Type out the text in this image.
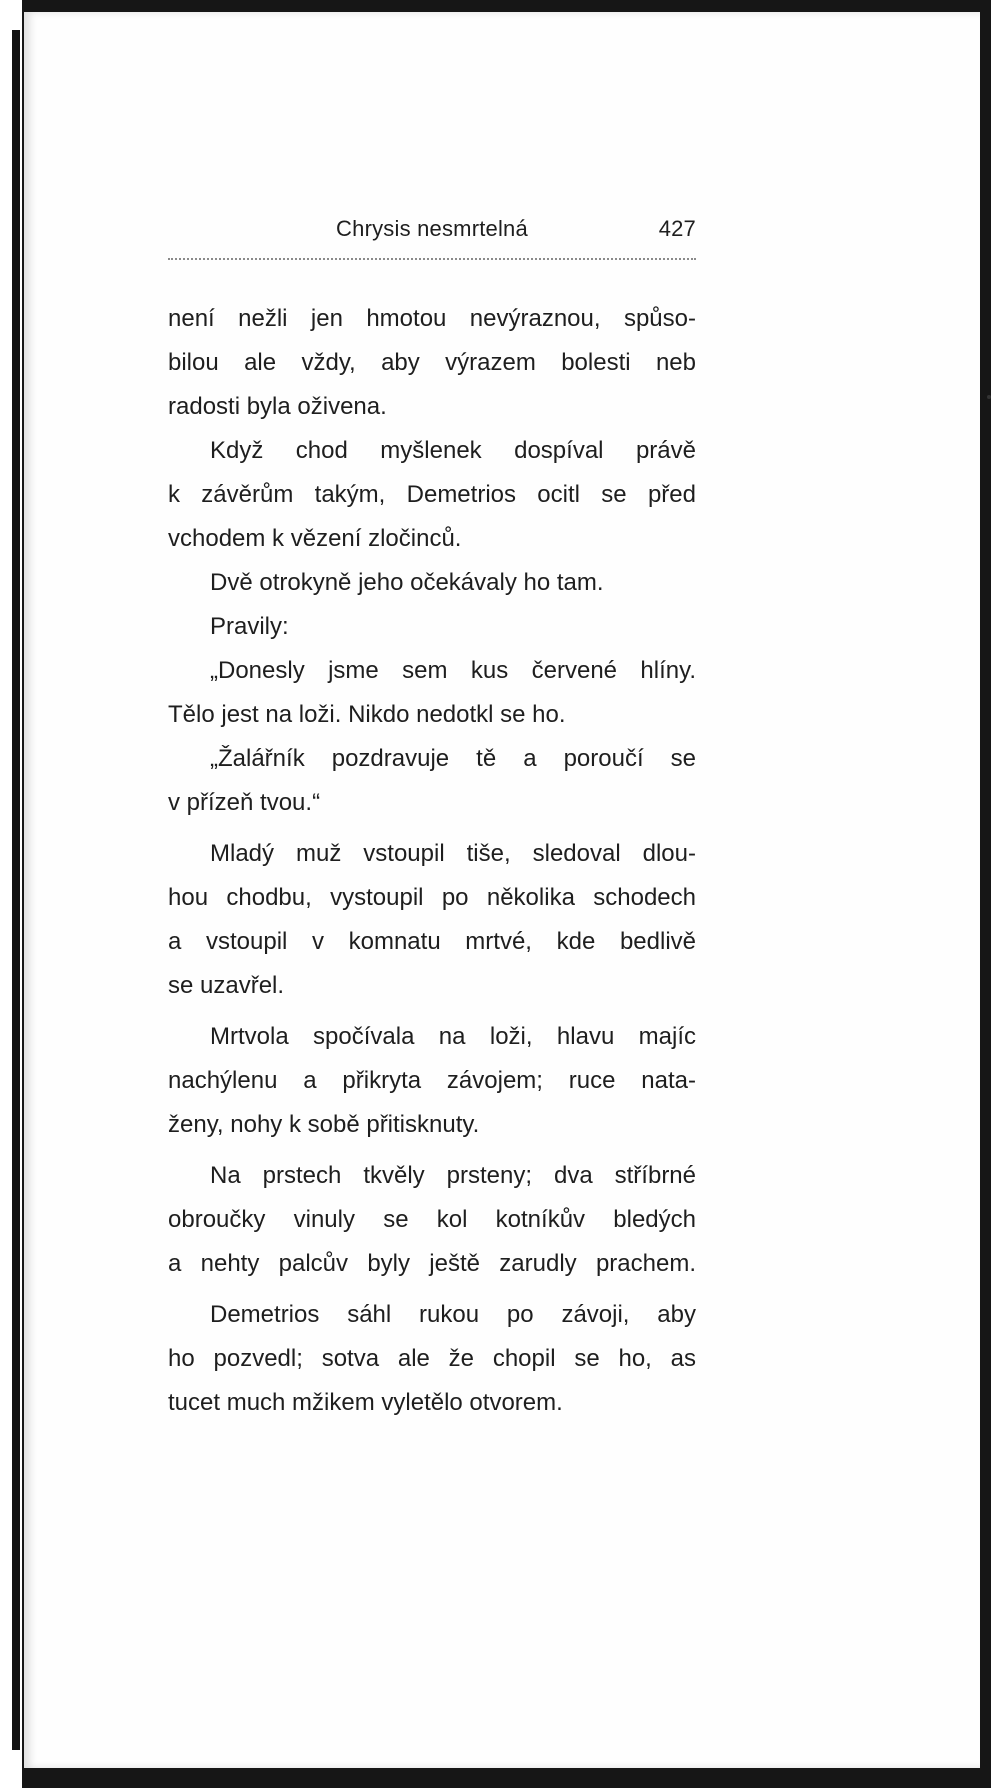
Chrysis nesmrtelná	427
není nežli jen hmotou nevýraznou, spůso-
bilou ale vždy, aby výrazem bolesti neb
radosti byla oživena.
Když chod myšlenek dospíval právě
k závěrům takým, Demetrios ocitl se před
vchodem k vězení zločinců.
Dvě otrokyně jeho očekávaly ho tam.
Pravily:
„Donesly jsme sem kus červené hlíny.
Tělo jest na loži. Nikdo nedotkl se ho.
„Žalářník pozdravuje tě a poroučí se
v přízeň tvou.“
Mladý muž vstoupil tiše, sledoval dlou-
hou chodbu, vystoupil po několika schodech
a vstoupil v komnatu mrtvé, kde bedlivě
se uzavřel.
Mrtvola spočívala na loži, hlavu majíc
nachýlenu a přikryta závojem; ruce nata-
ženy, nohy k sobě přitisknuty.
Na prstech tkvěly prsteny; dva stříbrné
obroučky vinuly se kol kotníkův bledých
a nehty palcův byly ještě zarudly prachem.
Demetrios sáhl rukou po závoji, aby
ho pozvedl; sotva ale že chopil se ho, as
tucet much mžikem vyletělo otvorem.
